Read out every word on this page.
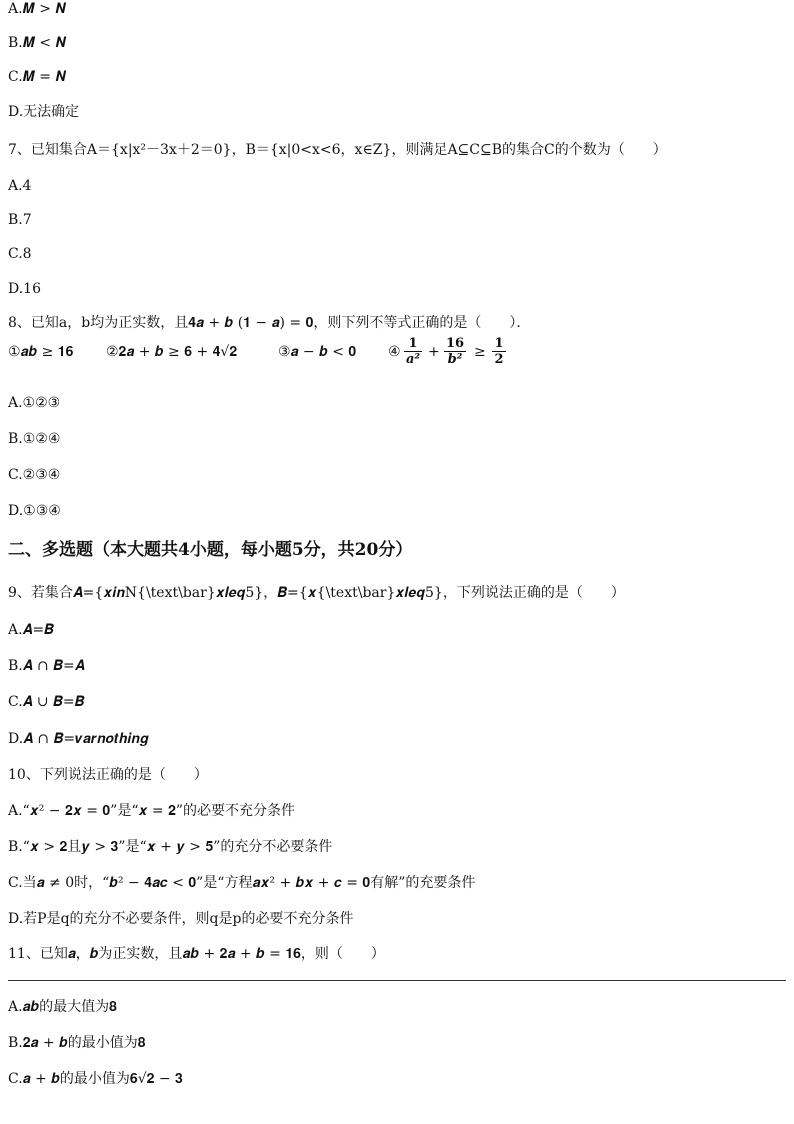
A.𝑴 > 𝑵
B.𝑴 < 𝑵
C.𝑴 = 𝑵
D.无法确定
7、已知集合A＝{x|x²－3x＋2＝0}，B＝{x|0<x<6，x∈Z}，则满足A⊆C⊆B的集合C的个数为（　　）
A.4
B.7
C.8
D.16
8、已知a，b均为正实数，且𝟒𝒂 + 𝒃 (𝟏 − 𝒂) = 𝟎，则下列不等式正确的是（　　）．
①𝒂𝒃 ≥ 𝟏𝟔 ②𝟐𝒂 + 𝒃 ≥ 𝟔 + 𝟒√𝟐	③𝒂 − 𝒃 < 𝟎 ④
1
a² +
16
b² ≥
1
2
A.①②③
B.①②④
C.②③④
D.①③④
二、多选题（本大题共4小题，每小题5分，共20分）
9、若集合𝑨={𝒙𝒊𝒏N{\text\bar}𝒙𝒍𝒆𝒒5}，𝑩={𝒙{\text\bar}𝒙𝒍𝒆𝒒5}，下列说法正确的是（　　）
A.𝑨=𝑩
B.𝑨 ∩ 𝑩=𝑨
C.𝑨 ∪ 𝑩=𝑩
D.𝑨 ∩ 𝑩=𝒗𝒂𝒓𝒏𝒐𝒕𝒉𝒊𝒏𝒈
10、下列说法正确的是（　　）
A.“𝒙² − 𝟐𝒙 = 𝟎”是“𝒙 = 𝟐”的必要不充分条件
B.“𝒙 > 𝟐且𝒚 > 𝟑”是“𝒙 + 𝒚 > 𝟓”的充分不必要条件
C.当𝒂 ≠ 0时，“𝒃² − 𝟒𝒂𝒄 < 𝟎”是“方程𝒂𝒙² + 𝒃𝒙 + 𝒄 = 𝟎有解”的充要条件
D.若P是q的充分不必要条件，则q是p的必要不充分条件
11、已知𝒂，𝒃为正实数，且𝒂𝒃 + 𝟐𝒂 + 𝒃 = 𝟏𝟔，则（　　）
A.𝒂𝒃的最大值为𝟖
B.𝟐𝒂 + 𝒃的最小值为𝟖
C.𝒂 + 𝒃的最小值为𝟔√𝟐 − 𝟑
